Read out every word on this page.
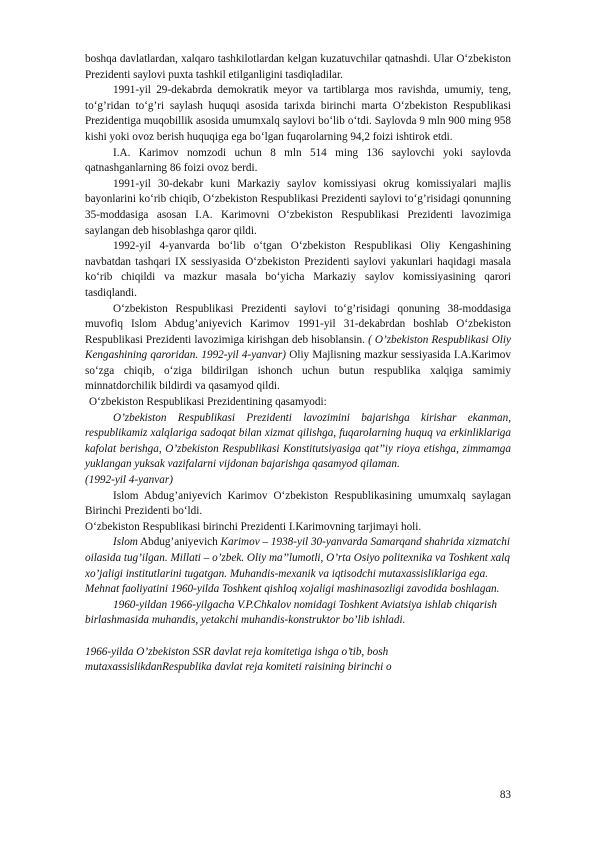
boshqa davlatlardan, xalqaro tashkilotlardan kelgan kuzatuvchilar qatnashdi. Ular O‘zbekiston Prezidenti saylovi puxta tashkil etilganligini tasdiqladilar.

1991-yil 29-dekabrda demokratik meyor va tartiblarga mos ravishda, umumiy, teng, to‘g’ridan to‘g’ri saylash huquqi asosida tarixda birinchi marta O‘zbekiston Respublikasi Prezidentiga muqobillik asosida umumxalq saylovi bo‘lib o‘tdi. Saylovda 9 mln 900 ming 958 kishi yoki ovoz berish huquqiga ega bo‘lgan fuqarolarning 94,2 foizi ishtirok etdi.

I.A. Karimov nomzodi uchun 8 mln 514 ming 136 saylovchi yoki saylovda qatnashganlarning 86 foizi ovoz berdi.

1991-yil 30-dekabr kuni Markaziy saylov komissiyasi okrug komissiyalari majlis bayonlarini ko‘rib chiqib, O‘zbekiston Respublikasi Prezidenti saylovi to‘g’risidagi qonunning 35-moddasiga asosan I.A. Karimovni O‘zbekiston Respublikasi Prezidenti lavozimiga saylangan deb hisoblashga qaror qildi.

1992-yil 4-yanvarda bo‘lib o‘tgan O‘zbekiston Respublikasi Oliy Kengashining navbatdan tashqari IX sessiyasida O‘zbekiston Prezidenti saylovi yakunlari haqidagi masala ko‘rib chiqildi va mazkur masala bo‘yicha Markaziy saylov komissiyasining qarori tasdiqlandi.

O‘zbekiston Respublikasi Prezidenti saylovi to‘g’risidagi qonuning 38-moddasiga muvofiq Islom Abdug’aniyevich Karimov 1991-yil 31-dekabrdan boshlab O‘zbekiston Respublikasi Prezidenti lavozimiga kirishgan deb hisoblansin. ( O’zbekiston Respublikasi Oliy Kengashining qaroridan. 1992-yil 4-yanvar) Oliy Majlisning mazkur sessiyasida I.A.Karimov so‘zga chiqib, o‘ziga bildirilgan ishonch uchun butun respublika xalqiga samimiy minnatdorchilik bildirdi va qasamyod qildi.

O‘zbekiston Respublikasi Prezidentining qasamyodi:

O’zbekiston Respublikasi Prezidenti lavozimini bajarishga kirishar ekanman, respublikamiz xalqlariga sadoqat bilan xizmat qilishga, fuqarolarning huquq va erkinliklariga kafolat berishga, O’zbekiston Respublikasi Konstitutsiyasiga qat’’iy rioya etishga, zimmamga yuklangan yuksak vazifalarni vijdonan bajarishga qasamyod qilaman.

(1992-yil 4-yanvar)

Islom Abdug’aniyevich Karimov O‘zbekiston Respublikasining umumxalq saylagan Birinchi Prezidenti bo‘ldi.

O‘zbekiston Respublikasi birinchi Prezidenti I.Karimovning tarjimayi holi.

Islom Abdug’aniyevich Karimov – 1938-yil 30-yanvarda Samarqand shahrida xizmatchi oilasida tug’ilgan. Millati – o’zbek. Oliy ma’’lumotli, O’rta Osiyo politexnika va Toshkent xalq xo’jaligi institutlarini tugatgan. Muhandis-mexanik va iqtisodchi mutaxassisliklariga ega. Mehnat faoliyatini 1960-yilda Toshkent qishloq xojaligi mashinasozligi zavodida boshlagan.

1960-yildan 1966-yilgacha V.P.Chkalov nomidagi Toshkent Aviatsiya ishlab chiqarish birlashmasida muhandis, yetakchi muhandis-konstruktor bo’lib ishladi.

1966-yilda O’zbekiston SSR davlat reja komitetiga ishga o’tib, bosh mutaxassislikdanRespublika davlat reja komiteti raisining birinchi o

83
